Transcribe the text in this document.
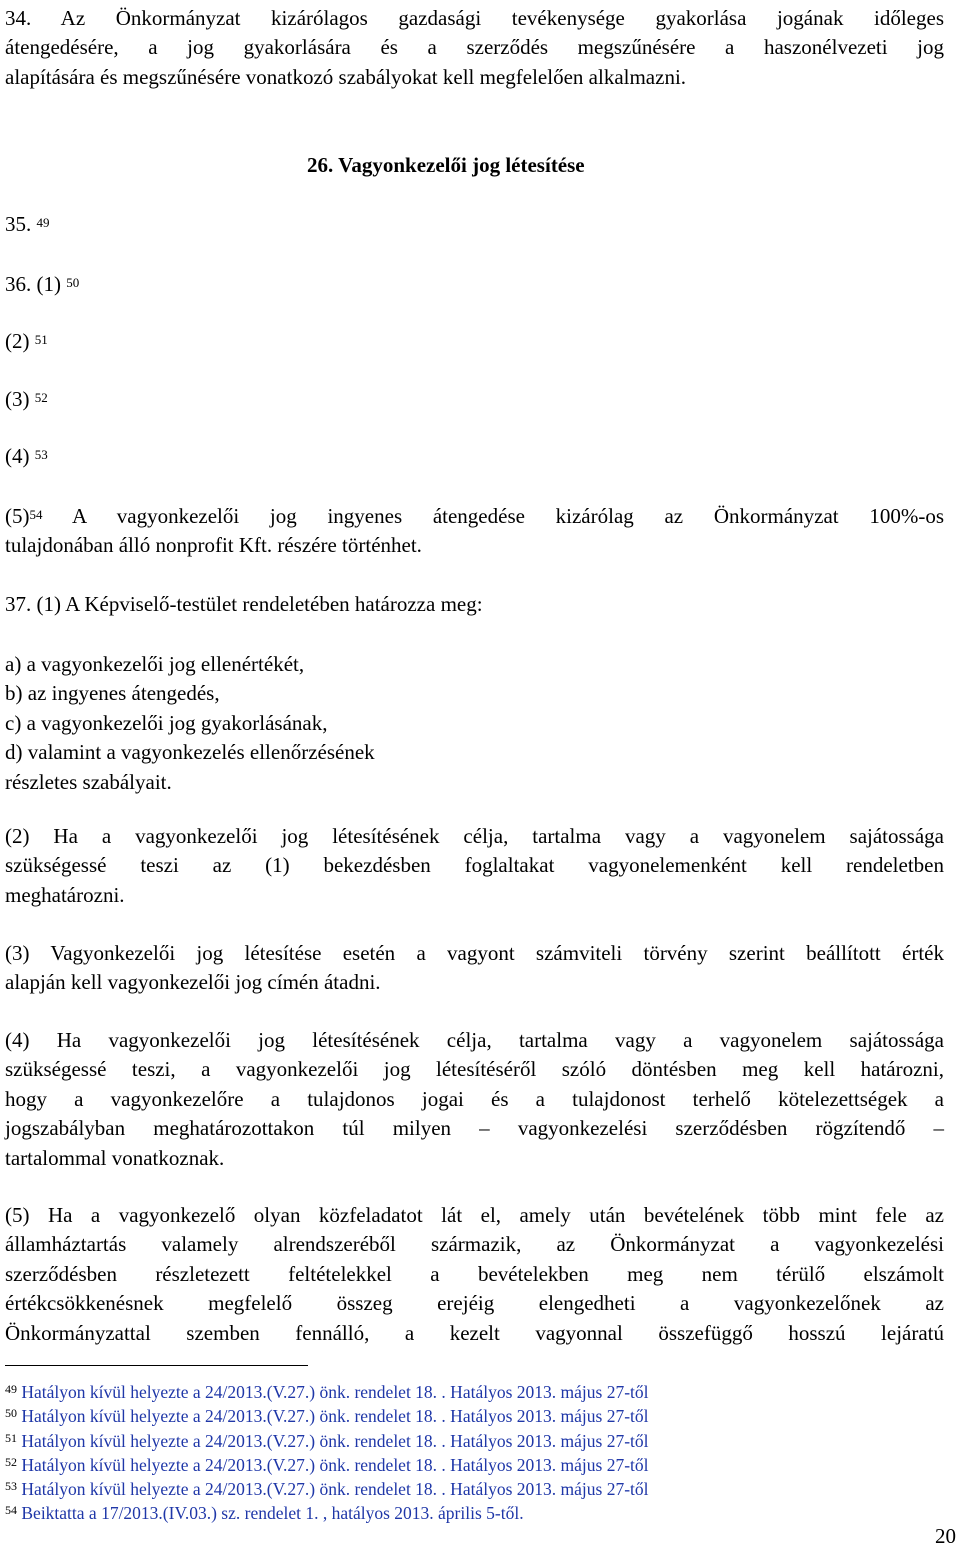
34. Az Önkormányzat kizárólagos gazdasági tevékenysége gyakorlása jogának időleges
átengedésére, a jog gyakorlására és a szerződés megszűnésére a haszonélvezeti jog
alapítására és megszűnésére vonatkozó szabályokat kell megfelelően alkalmazni.
26. Vagyonkezelői jog létesítése
35. $^{49}$
36. (1) $^{50}$
(2) $^{51}$
(3) $^{52}$
(4) $^{53}$
$(5)^{54}$ A vagyonkezelői jog ingyenes átengedése kizárólag az Önkormányzat 100%-os
tulajdonában álló nonprofit Kft. részére történhet.
37. (1) A Képviselő-testület rendeletében határozza meg:
a) a vagyonkezelői jog ellenértékét,
b) az ingyenes átengedés,
c) a vagyonkezelői jog gyakorlásának,
d) valamint a vagyonkezelés ellenőrzésének
részletes szabályait.
(2) Ha a vagyonkezelői jog létesítésének célja, tartalma vagy a vagyonelem sajátossága
szükségessé teszi az (1) bekezdésben foglaltakat vagyonelemenként kell rendeletben
meghatározni.
(3) Vagyonkezelői jog létesítése esetén a vagyont számviteli törvény szerint beállított érték
alapján kell vagyonkezelői jog címén átadni.
(4) Ha vagyonkezelői jog létesítésének célja, tartalma vagy a vagyonelem sajátossága
szükségessé teszi, a vagyonkezelői jog létesítéséről szóló döntésben meg kell határozni,
hogy a vagyonkezelőre a tulajdonos jogai és a tulajdonost terhelő kötelezettségek a
jogszabályban meghatározottakon túl milyen – vagyonkezelési szerződésben rögzítendő –
tartalommal vonatkoznak.
(5) Ha a vagyonkezelő olyan közfeladatot lát el, amely után bevételének több mint fele az
államháztartás valamely alrendszeréből származik, az Önkormányzat a vagyonkezelési
szerződésben részletezett feltételekkel a bevételekben meg nem térülő elszámolt
értékcsökkenésnek megfelelő összeg erejéig elengedheti a vagyonkezelőnek az
Önkormányzattal szemben fennálló, a kezelt vagyonnal összefüggő hosszú lejáratú
$^{49}$ Hatályon kívül helyezte a 24/2013.(V.27.) önk. rendelet 18. . Hatályos 2013. május 27-től
$^{50}$ Hatályon kívül helyezte a 24/2013.(V.27.) önk. rendelet 18. . Hatályos 2013. május 27-től
$^{51}$ Hatályon kívül helyezte a 24/2013.(V.27.) önk. rendelet 18. . Hatályos 2013. május 27-től
$^{52}$ Hatályon kívül helyezte a 24/2013.(V.27.) önk. rendelet 18. . Hatályos 2013. május 27-től
$^{53}$ Hatályon kívül helyezte a 24/2013.(V.27.) önk. rendelet 18. . Hatályos 2013. május 27-től
$^{54}$ Beiktatta a 17/2013.(IV.03.) sz. rendelet 1. , hatályos 2013. április 5-től.
20
